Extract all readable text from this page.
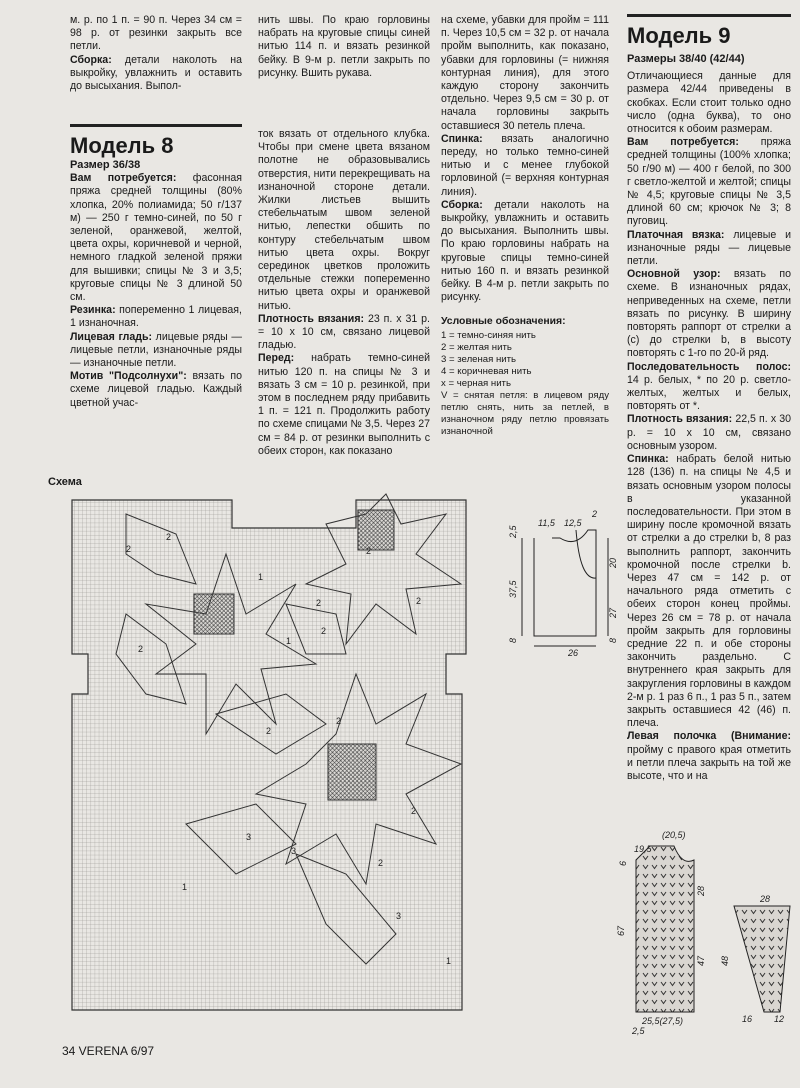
м. р. по 1 п. = 90 п. Через 34 см = 98 р. от резинки закрыть все петли.

Сборка: детали наколоть на выкройку, увлажнить и оставить до высыхания. Выпол-

нить швы. По краю горловины набрать на круговые спицы синей нитью 114 п. и вязать резинкой бейку. В 9-м р. петли закрыть по рисунку. Вшить рукава.

Модель 8

Размер 36/38

Вам потребуется: фасонная пряжа средней толщины (80% хлопка, 20% полиамида; 50 г/137 м) — 250 г темно-синей, по 50 г зеленой, оранжевой, желтой, цвета охры, коричневой и черной, немного гладкой зеленой пряжи для вышивки; спицы № 3 и 3,5; круговые спицы № 3 длиной 50 см.

Резинка: попеременно 1 лицевая, 1 изнаночная.

Лицевая гладь: лицевые ряды — лицевые петли, изнаночные ряды — изнаночные петли.

Мотив "Подсолнухи": вязать по схеме лицевой гладью. Каждый цветной учас-

ток вязать от отдельного клубка. Чтобы при смене цвета вязаном полотне не образовывались отверстия, нити перекрещивать на изнаночной стороне детали. Жилки листьев вышить стебельчатым швом зеленой нитью, лепестки обшить по контуру стебельчатым швом нитью цвета охры. Вокруг серединок цветков проложить отдельные стежки попеременно нитью цвета охры и оранжевой нитью.

Плотность вязания: 23 п. х 31 р. = 10 х 10 см, связано лицевой гладью.

Перед: набрать темно-синей нитью 120 п. на спицы № 3 и вязать 3 см = 10 р. резинкой, при этом в последнем ряду прибавить 1 п. = 121 п. Продолжить работу по схеме спицами № 3,5. Через 27 см = 84 р. от резинки выполнить с обеих сторон, как показано

на схеме, убавки для пройм = 111 п. Через 10,5 см = 32 р. от начала пройм выполнить, как показано, убавки для горловины (= нижняя контурная линия), для этого каждую сторону закончить отдельно. Через 9,5 см = 30 р. от начала горловины закрыть оставшиеся 30 петель плеча.

Спинка: вязать аналогично переду, но только темно-синей нитью и с менее глубокой горловиной (= верхняя контурная линия).

Сборка: детали наколоть на выкройку, увлажнить и оставить до высыхания. Выполнить швы. По краю горловины набрать на круговые спицы темно-синей нитью 160 п. и вязать резинкой бейку. В 4-м р. петли закрыть по рисунку.

Условные обозначения:
1 = темно-синяя нить
2 = желтая нить
3 = зеленая нить
4 = коричневая нить
x = черная нить
V = снятая петля: в лицевом ряду петлю снять, нить за петлей, в изнаночном ряду петлю провязать изнаночной

Модель 9

Размеры 38/40 (42/44)

Отличающиеся данные для размера 42/44 приведены в скобках. Если стоит только одно число (одна буква), то оно относится к обоим размерам.

Вам потребуется: пряжа средней толщины (100% хлопка; 50 г/90 м) — 400 г белой, по 300 г светло-желтой и желтой; спицы № 4,5; круговые спицы № 3,5 длиной 60 см; крючок № 3; 8 пуговиц.

Платочная вязка: лицевые и изнаночные ряды — лицевые петли.

Основной узор: вязать по схеме. В изнаночных рядах, неприведенных на схеме, петли вязать по рисунку. В ширину повторять раппорт от стрелки а (с) до стрелки b, в высоту повторять с 1-го по 20-й ряд.

Последовательность полос: 14 р. белых, * по 20 р. светло-желтых, желтых и белых, повторять от *.

Плотность вязания: 22,5 п. х 30 р. = 10 х 10 см, связано основным узором.

Спинка: набрать белой нитью 128 (136) п. на спицы № 4,5 и вязать основным узором полосы в указанной последовательности. При этом в ширину после кромочной вязать от стрелки а до стрелки b, 8 раз выполнить раппорт, закончить кромочной после стрелки b. Через 47 см = 142 р. от начального ряда отметить с обеих сторон конец проймы. Через 26 см = 78 р. от начала пройм закрыть для горловины средние 22 п. и обе стороны закончить раздельно. С внутреннего края закрыть для закругления горловины в каждом 2-м р. 1 раз 6 п., 1 раз 5 п., затем закрыть оставшиеся 42 (46) п. плеча.

Левая полочка (Внимание: пройму с правого края отметить и петли плеча закрыть на той же высоте, что и на

Схема
2
2	2
2
2
1
2
2
1
1
2
2
3
3
2
2
3
1
11,5 12,5
2
26
2,5
37,5
20
27
8	8
(20,5)
19,5
25,5(27,5)
2,5
28
16 12
6
28
67
47 48
34 VERENA 6/97
